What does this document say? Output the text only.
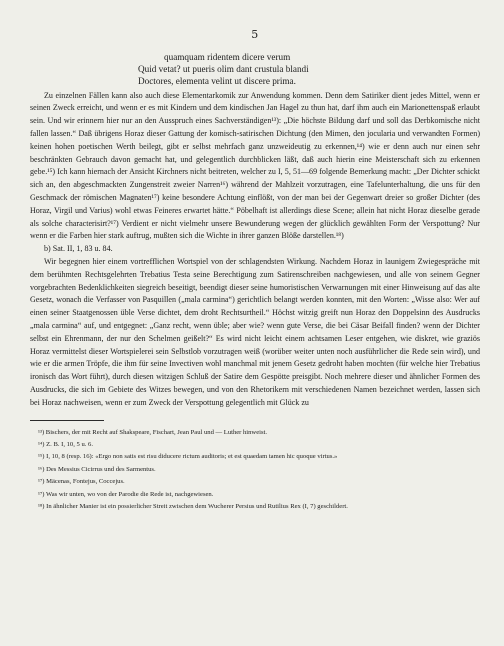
5
quamquam ridentem dicere verum
Quid vetat? ut pueris olim dant crustula blandi
Doctores, elementa velint ut discere prima.

Zu einzelnen Fällen kann also auch diese Elementarkomik zur Anwendung kommen. Denn dem Satiriker dient jedes Mittel, wenn er seinen Zweck erreicht, und wenn er es mit Kindern und dem kindischen Jan Hagel zu thun hat, darf ihm auch ein Marionettenspaß erlaubt sein. Und wir erinnern hier nur an den Ausspruch eines Sachverständigen¹³): „Die höchste Bildung darf und soll das Derbkomische nicht fallen lassen.“ Daß übrigens Horaz dieser Gattung der komisch-satirischen Dichtung (den Mimen, den joculariа und verwandten Formen) keinen hohen poetischen Werth beilegt, gibt er selbst mehrfach ganz unzweideutig zu erkennen,¹⁴) wie er denn auch nur einen sehr beschränkten Gebrauch davon gemacht hat, und gelegentlich durchblicken läßt, daß auch hierin eine Meisterschaft sich zu erkennen gebe.¹⁵) Ich kann hiernach der Ansicht Kirchners nicht beitreten, welcher zu I, 5, 51—69 folgende Bemerkung macht: „Der Dichter schickt sich an, den abgeschmackten Zungenstreit zweier Narren¹⁶) während der Mahlzeit vorzutragen, eine Tafelunterhaltung, die uns für den Geschmack der römischen Magnaten¹⁷) keine besondere Achtung einflößt, von der man bei der Gegenwart dreier so großer Dichter (des Horaz, Virgil und Varius) wohl etwas Feineres erwartet hätte.“ Pöbelhaft ist allerdings diese Scene; allein hat nicht Horaz dieselbe gerade als solche characterisirt?¹⁷) Verdient er nicht vielmehr unsere Bewunderung wegen der glücklich gewählten Form der Verspottung? Nur wenn er die Farben hier stark auftrug, mußten sich die Wichte in ihrer ganzen Blöße darstellen.¹⁸)

b) Sat. II, 1, 83 u. 84.

Wir begegnen hier einem vortrefflichen Wortspiel von der schlagendsten Wirkung. Nachdem Horaz in launigem Zwiegespräche mit dem berühmten Rechtsgelehrten Trebatius Testa seine Berechtigung zum Satirenschreiben nachgewiesen, und alle von seinem Gegner vorgebrachten Bedenklichkeiten siegreich beseitigt, beendigt dieser seine humoristischen Verwarnungen mit einer Hinweisung auf das alte Gesetz, wonach die Verfasser von Pasquillen („mala carmina“) gerichtlich belangt werden konnten, mit den Worten: „Wisse also: Wer auf einen seiner Staatgenossen üble Verse dichtet, dem droht Rechtsurtheil.“ Höchst witzig greift nun Horaz den Doppelsinn des Ausdrucks „mala carmina“ auf, und entgegnet: „Ganz recht, wenn üble; aber wie? wenn gute Verse, die bei Cäsar Beifall finden? wenn der Dichter selbst ein Ehrenmann, der nur den Schelmen geißelt?“ Es wird nicht leicht einem achtsamen Leser entgehen, wie diskret, wie graziös Horaz vermittelst dieser Wortspielerei sein Selbstlob vorzutragen weiß (worüber weiter unten noch ausführlicher die Rede sein wird), und wie er die armen Tröpfe, die ihm für seine Invectiven wohl manchmal mit jenem Gesetz gedroht haben mochten (für welche hier Trebatius ironisch das Wort führt), durch diesen witzigen Schluß der Satire dem Gespötte preisgibt. Noch mehrere dieser und ähnlicher Formen des Ausdrucks, die sich im Gebiete des Witzes bewegen, und von den Rhetorikern mit verschiedenen Namen bezeichnet werden, lassen sich bei Horaz nachweisen, wenn er zum Zweck der Verspottung gelegentlich mit Glück zu

¹³) Bischers, der mit Recht auf Shakspeare, Fischart, Jean Paul und — Luther hinweist.
¹⁴) Z. B. I, 10, 5 u. 6.
¹⁵) I, 10, 8 (resp. 16): «Ergo non satis est risu diducere rictum auditoris; et est quaedam tamen hic quoque virtus.»
¹⁶) Des Messius Cicirrus und des Sarmentus.
¹⁷) Mäcenas, Fontejus, Coccejus.
¹⁷) Was wir unten, wo von der Parodie die Rede ist, nachgewiesen.
¹⁸) In ähnlicher Manier ist ein possierlicher Streit zwischen dem Wucherer Persius und Rutilius Rex (I, 7) geschildert.
